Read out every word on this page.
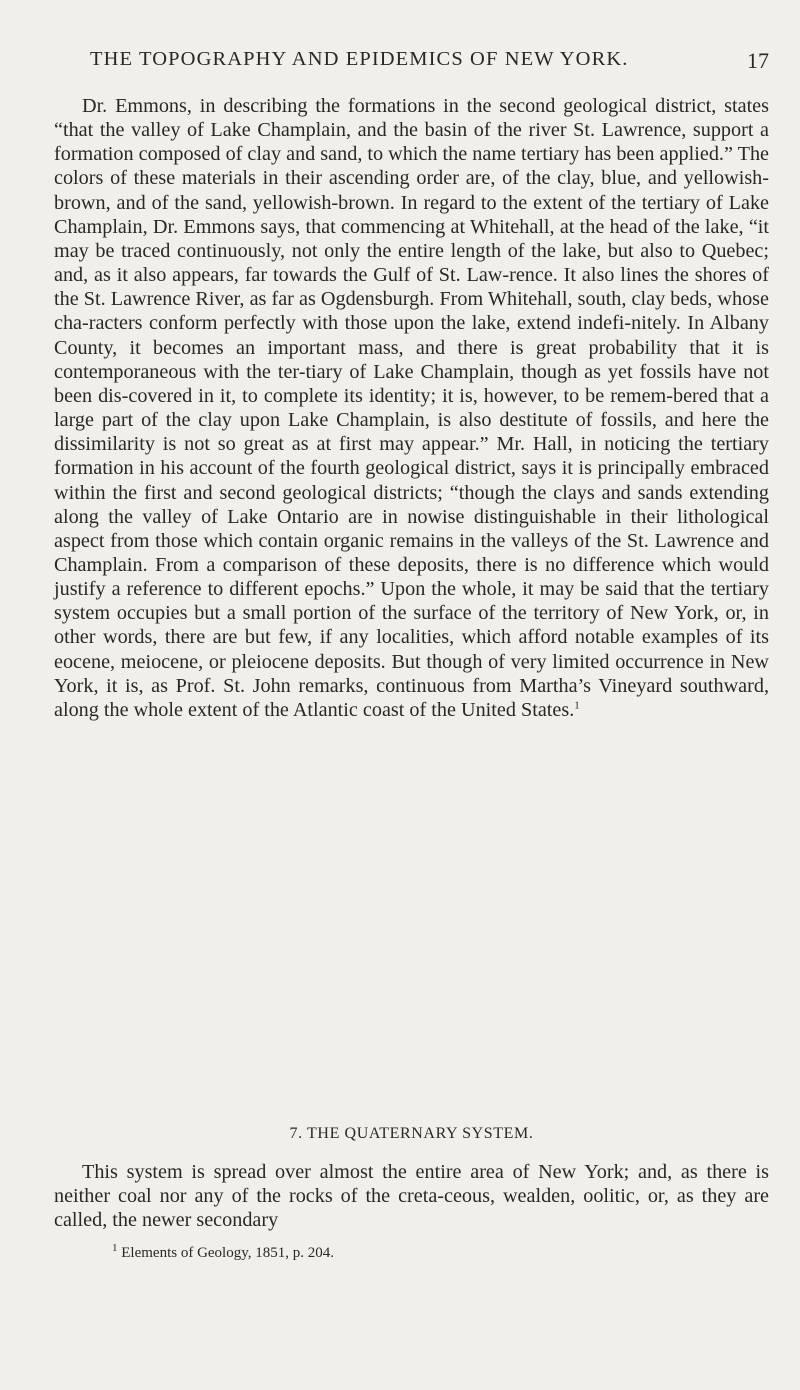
THE TOPOGRAPHY AND EPIDEMICS OF NEW YORK.	17

Dr. Emmons, in describing the formations in the second geological district, states “that the valley of Lake Champlain, and the basin of the river St. Lawrence, support a formation composed of clay and sand, to which the name tertiary has been applied.” The colors of these materials in their ascending order are, of the clay, blue, and yellowish-brown, and of the sand, yellowish-brown. In regard to the extent of the tertiary of Lake Champlain, Dr. Emmons says, that commencing at Whitehall, at the head of the lake, “it may be traced continuously, not only the entire length of the lake, but also to Quebec; and, as it also appears, far towards the Gulf of St. Law-rence. It also lines the shores of the St. Lawrence River, as far as Ogdensburgh. From Whitehall, south, clay beds, whose cha-racters conform perfectly with those upon the lake, extend indefi-nitely. In Albany County, it becomes an important mass, and there is great probability that it is contemporaneous with the ter-tiary of Lake Champlain, though as yet fossils have not been dis-covered in it, to complete its identity; it is, however, to be remem-bered that a large part of the clay upon Lake Champlain, is also destitute of fossils, and here the dissimilarity is not so great as at first may appear.” Mr. Hall, in noticing the tertiary formation in his account of the fourth geological district, says it is principally embraced within the first and second geological districts; “though the clays and sands extending along the valley of Lake Ontario are in nowise distinguishable in their lithological aspect from those which contain organic remains in the valleys of the St. Lawrence and Champlain. From a comparison of these deposits, there is no difference which would justify a reference to different epochs.” Upon the whole, it may be said that the tertiary system occupies but a small portion of the surface of the territory of New York, or, in other words, there are but few, if any localities, which afford notable examples of its eocene, meiocene, or pleiocene deposits. But though of very limited occurrence in New York, it is, as Prof. St. John remarks, continuous from Martha’s Vineyard southward, along the whole extent of the Atlantic coast of the United States.$^1$

7. THE QUATERNARY SYSTEM.

This system is spread over almost the entire area of New York; and, as there is neither coal nor any of the rocks of the creta-ceous, wealden, oolitic, or, as they are called, the newer secondary

$^1$ Elements of Geology, 1851, p. 204.
